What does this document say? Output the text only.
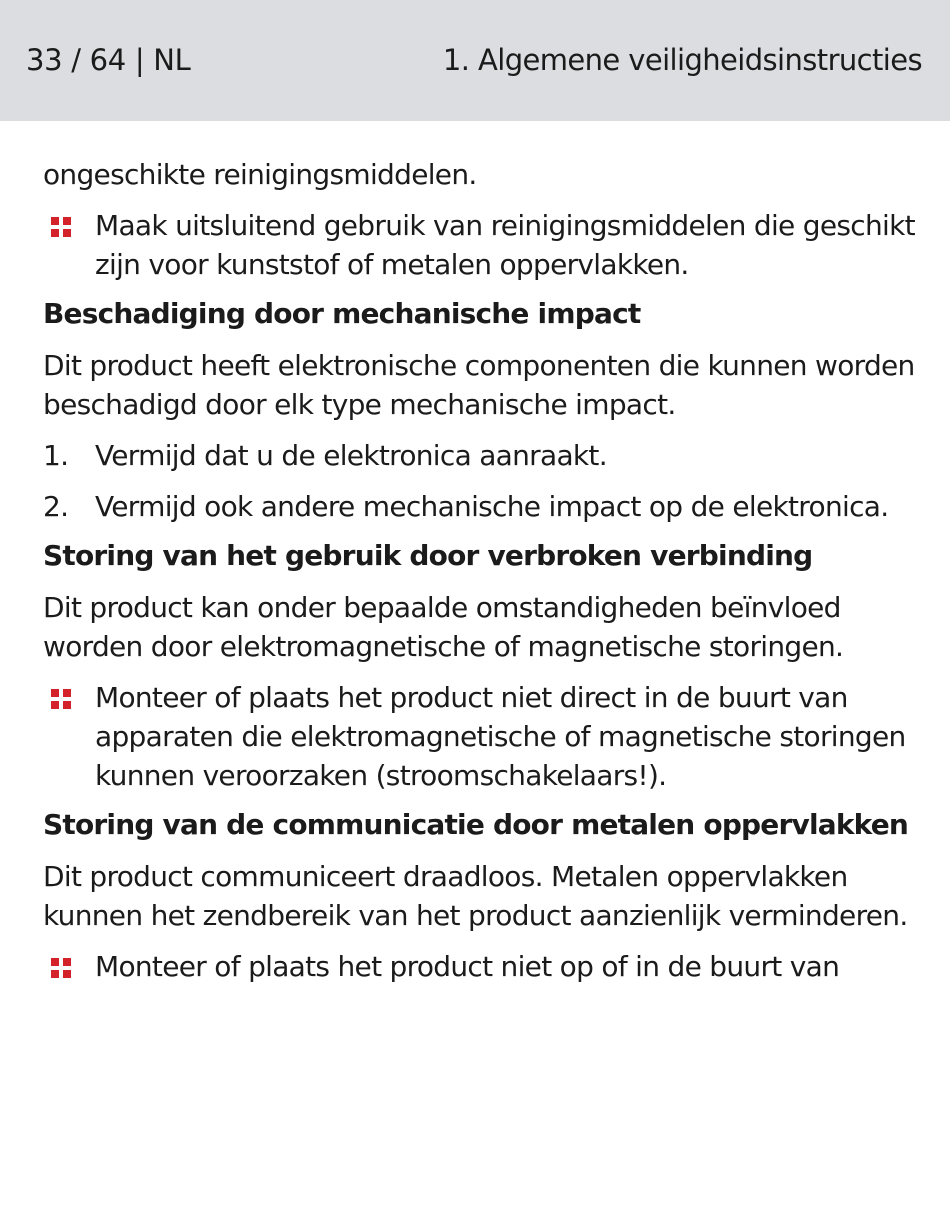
33 / 64 | NL	1. Algemene veiligheidsinstructies

ongeschikte reinigingsmiddelen.

Maak uitsluitend gebruik van reinigingsmiddelen die geschikt zijn voor kunststof of metalen oppervlakken.
Beschadiging door mechanische impact

Dit product heeft elektronische componenten die kunnen worden beschadigd door elk type mechanische impact.

1. Vermijd dat u de elektronica aanraakt.
2. Vermijd ook andere mechanische impact op de elektronica.
Storing van het gebruik door verbroken verbinding

Dit product kan onder bepaalde omstandigheden beïnvloed worden door elektromagnetische of magnetische storingen.

Monteer of plaats het product niet direct in de buurt van apparaten die elektromagnetische of magnetische storingen kunnen veroorzaken (stroomschakelaars!).
Storing van de communicatie door metalen oppervlakken

Dit product communiceert draadloos. Metalen oppervlakken kunnen het zendbereik van het product aanzienlijk verminderen.

Monteer of plaats het product niet op of in de buurt van
